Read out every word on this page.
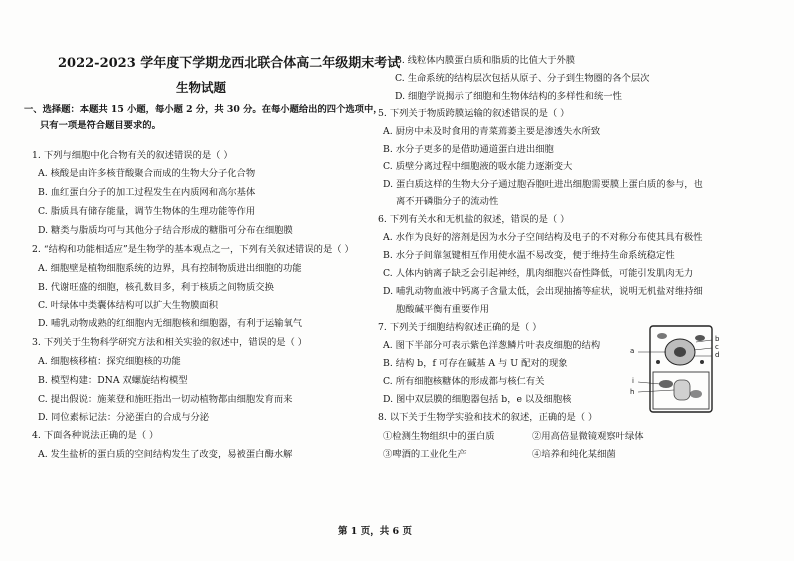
2022-2023 学年度下学期龙西北联合体高二年级期末考试
生物试题
一、选择题：本题共 15 小题，每小题 2 分，共 30 分。在每小题给出的四个选项中，
只有一项是符合题目要求的。
1. 下列与细胞中化合物有关的叙述错误的是（ ）
A. 核酸是由许多核苷酸聚合而成的生物大分子化合物
B. 血红蛋白分子的加工过程发生在内质网和高尔基体
C. 脂质具有储存能量，调节生物体的生理功能等作用
D. 糖类与脂质均可与其他分子结合形成的糖脂可分布在细胞膜
2. “结构和功能相适应”是生物学的基本观点之一，下列有关叙述错误的是（ ）
A. 细胞壁是植物细胞系统的边界，具有控制物质进出细胞的功能
B. 代谢旺盛的细胞，核孔数目多，利于核质之间物质交换
C. 叶绿体中类囊体结构可以扩大生物膜面积
D. 哺乳动物成熟的红细胞内无细胞核和细胞器，有利于运输氧气
3. 下列关于生物科学研究方法和相关实验的叙述中，错误的是（ ）
A. 细胞核移植：探究细胞核的功能
B. 模型构建：DNA 双螺旋结构模型
C. 提出假说：施莱登和施旺指出一切动植物都由细胞发育而来
D. 同位素标记法：分泌蛋白的合成与分泌
4. 下面各种说法正确的是（ ）
A. 发生盐析的蛋白质的空间结构发生了改变，易被蛋白酶水解
B. 线粒体内膜蛋白质和脂质的比值大于外膜
C. 生命系统的结构层次包括从原子、分子到生物圈的各个层次
D. 细胞学说揭示了细胞和生物体结构的多样性和统一性
5. 下列关于物质跨膜运输的叙述错误的是（ ）
A. 厨房中未及时食用的青菜蔫萎主要是渗透失水所致
B. 水分子更多的是借助通道蛋白进出细胞
C. 质壁分离过程中细胞液的吸水能力逐渐变大
D. 蛋白质这样的生物大分子通过胞吞胞吐进出细胞需要膜上蛋白质的参与，也
离不开磷脂分子的流动性
6. 下列有关水和无机盐的叙述，错误的是（ ）
A. 水作为良好的溶剂是因为水分子空间结构及电子的不对称分布使其具有极性
B. 水分子间靠氢键相互作用使水温不易改变，便于维持生命系统稳定性
C. 人体内钠离子缺乏会引起神经，肌肉细胞兴奋性降低，可能引发肌肉无力
D. 哺乳动物血液中钙离子含量太低，会出现抽搐等症状，说明无机盐对维持细
胞酸碱平衡有重要作用
7. 下列关于细胞结构叙述正确的是（ ）
A. 图下半部分可表示紫色洋葱鳞片叶表皮细胞的结构
B. 结构 b，f 可存在碱基 A 与 U 配对的现象
C. 所有细胞核糖体的形成都与核仁有关
D. 图中双层膜的细胞器包括 b，e 以及细胞核
8. 以下关于生物学实验和技术的叙述，正确的是（ ）
①检测生物组织中的蛋白质	②用高倍显微镜观察叶绿体
③啤酒的工业化生产	④培养和纯化某细菌
a
b
c
d
i
h
第 1 页，共 6 页
